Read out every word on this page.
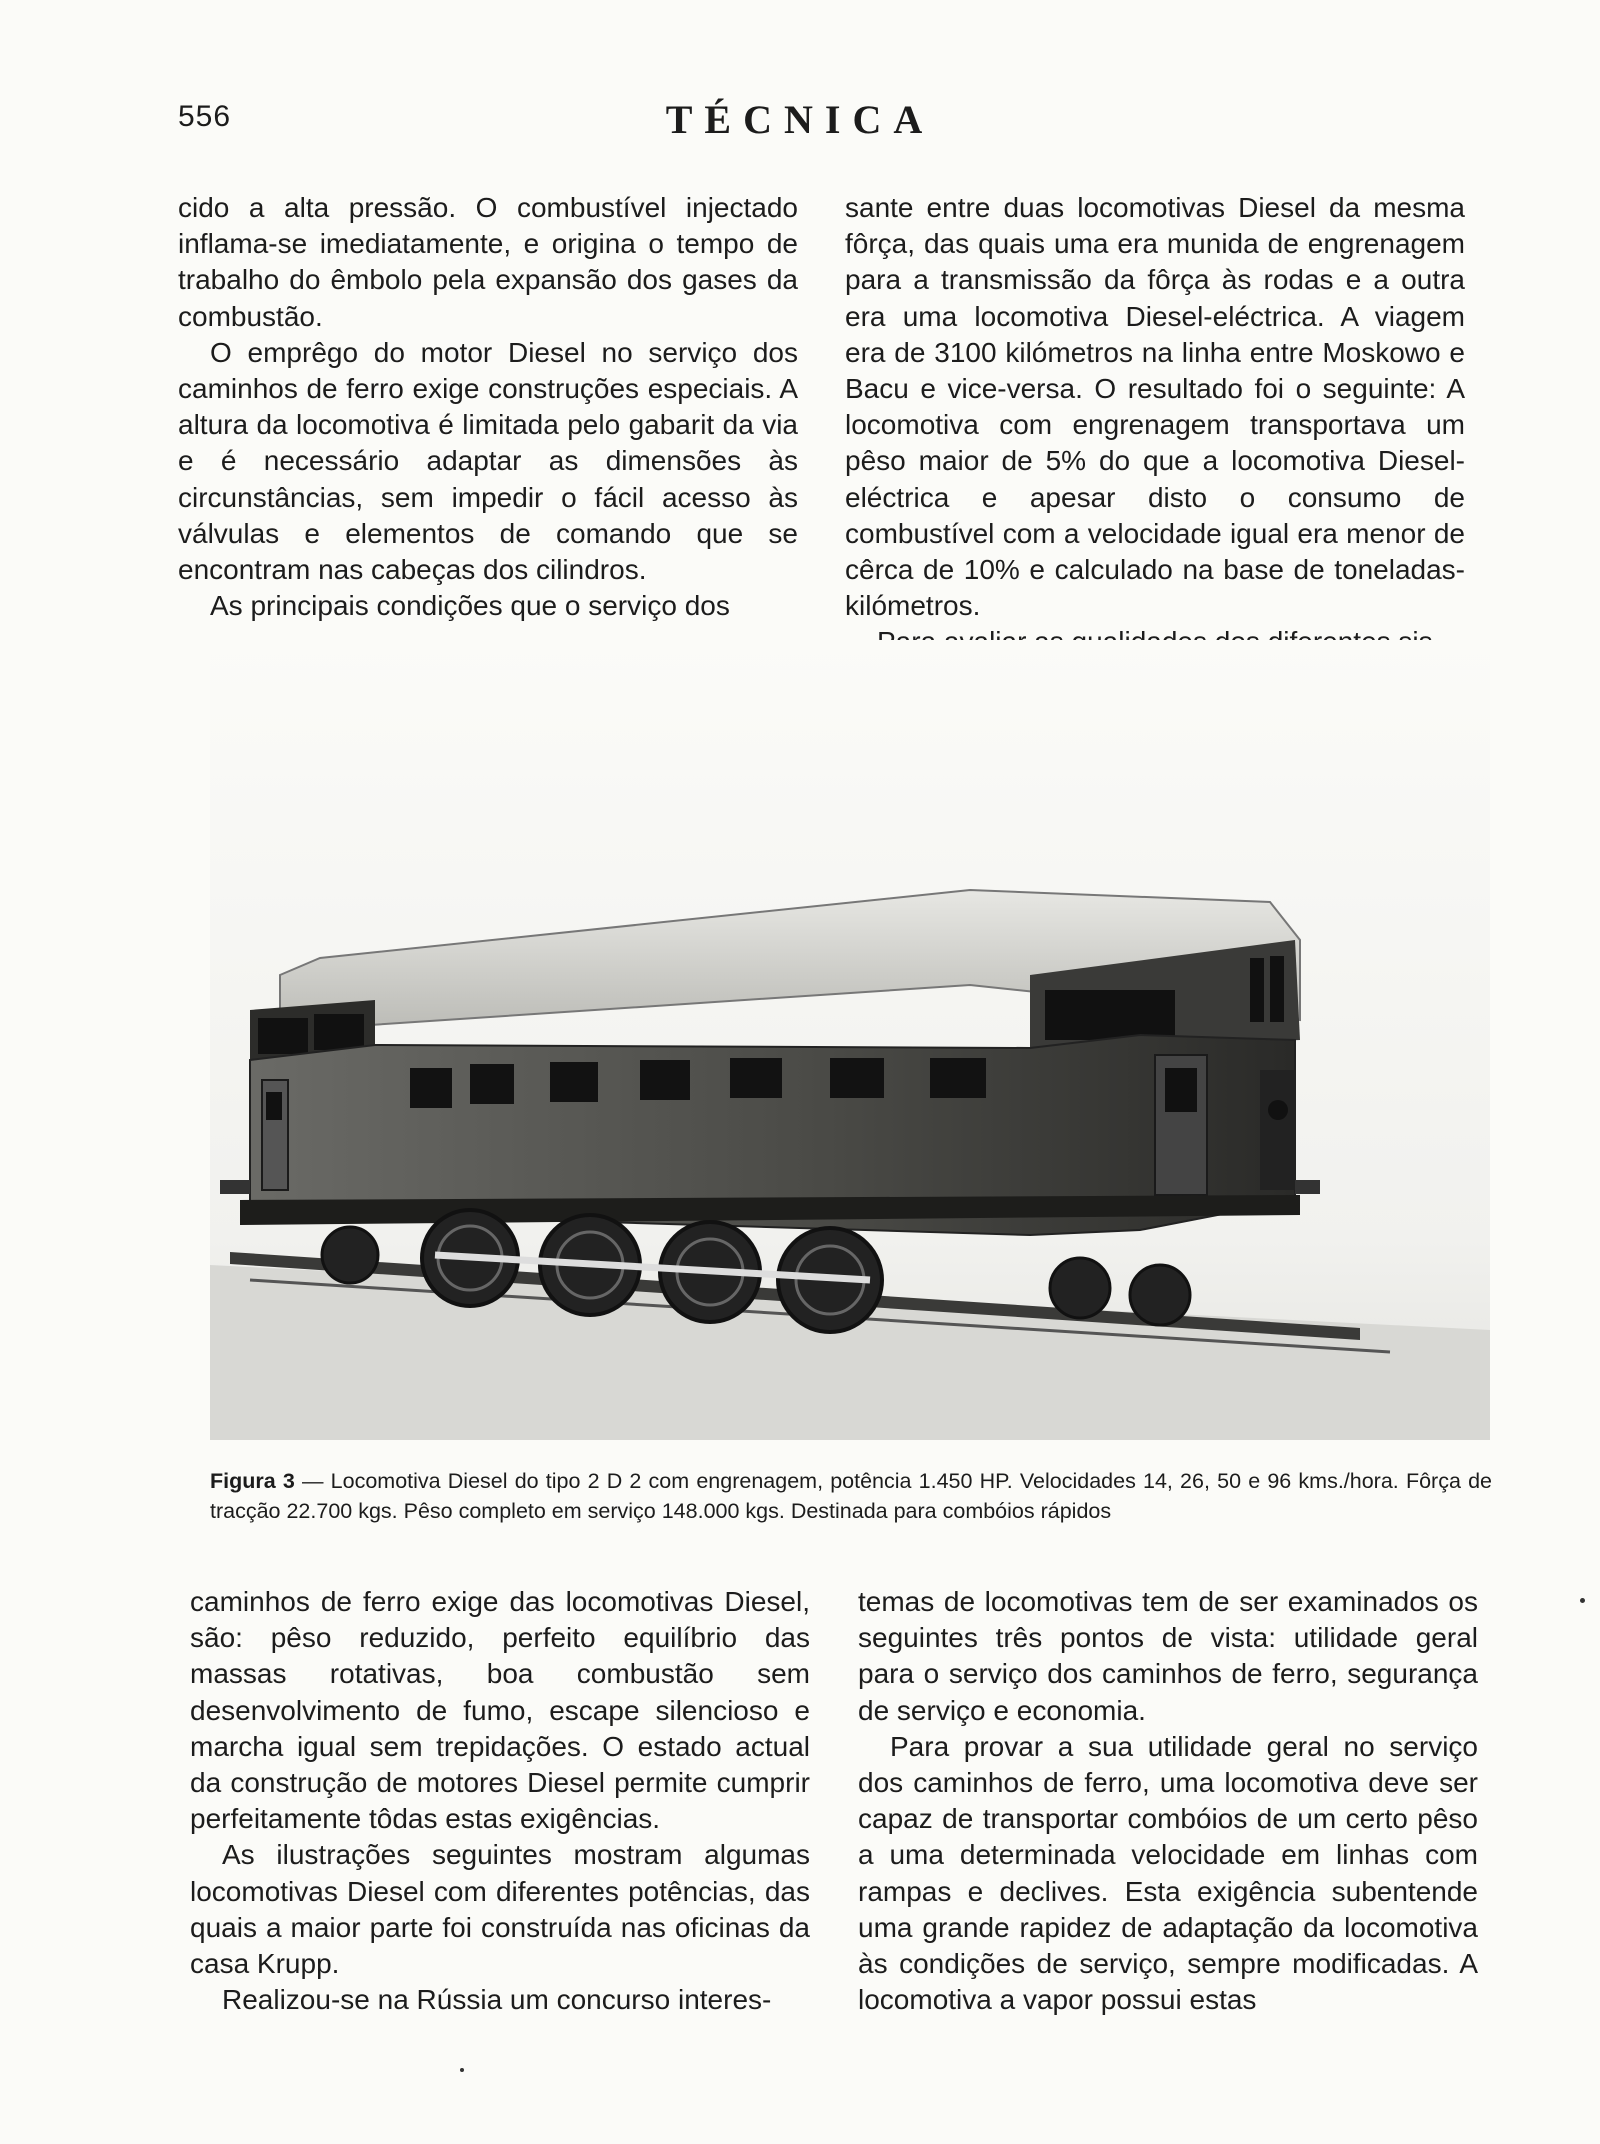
556	TÉCNICA

cido a alta pressão. O combustível injectado inflama-se imediatamente, e origina o tempo de trabalho do êmbolo pela expansão dos gases da combustão.

O emprêgo do motor Diesel no serviço dos caminhos de ferro exige construções especiais. A altura da locomotiva é limitada pelo gabarit da via e é necessário adaptar as dimensões às circunstâncias, sem impedir o fácil acesso às válvulas e elementos de comando que se encontram nas cabeças dos cilindros.

As principais condições que o serviço dos

sante entre duas locomotivas Diesel da mesma fôrça, das quais uma era munida de engrenagem para a transmissão da fôrça às rodas e a outra era uma locomotiva Diesel-eléctrica. A viagem era de 3100 kilómetros na linha entre Moskowo e Bacu e vice-versa. O resultado foi o seguinte: A locomotiva com engrenagem transportava um pêso maior de 5% do que a locomotiva Diesel-eléctrica e apesar disto o consumo de combustível com a velocidade igual era menor de cêrca de 10% e calculado na base de toneladas-kilómetros.

Figura 3 — Locomotiva Diesel do tipo 2 D 2 com engrenagem, potência 1.450 HP. Velocidades 14, 26, 50 e 96 kms./hora. Fôrça de tracção 22.700 kgs. Pêso completo em serviço 148.000 kgs. Destinada para combóios rápidos

caminhos de ferro exige das locomotivas Diesel, são: pêso reduzido, perfeito equilíbrio das massas rotativas, boa combustão sem desenvolvimento de fumo, escape silencioso e marcha igual sem trepidações. O estado actual da construção de motores Diesel permite cumprir perfeitamente tôdas estas exigências.

As ilustrações seguintes mostram algumas locomotivas Diesel com diferentes potências, das quais a maior parte foi construída nas oficinas da casa Krupp.

Realizou-se na Rússia um concurso interes-

temas de locomotivas tem de ser examinados os seguintes três pontos de vista: utilidade geral para o serviço dos caminhos de ferro, segurança de serviço e economia.

Para provar a sua utilidade geral no serviço dos caminhos de ferro, uma locomotiva deve ser capaz de transportar combóios de um certo pêso a uma determinada velocidade em linhas com rampas e declives. Esta exigência subentende uma grande rapidez de adaptação da locomotiva às condições de serviço, sempre modificadas. A locomotiva a vapor possui estas
